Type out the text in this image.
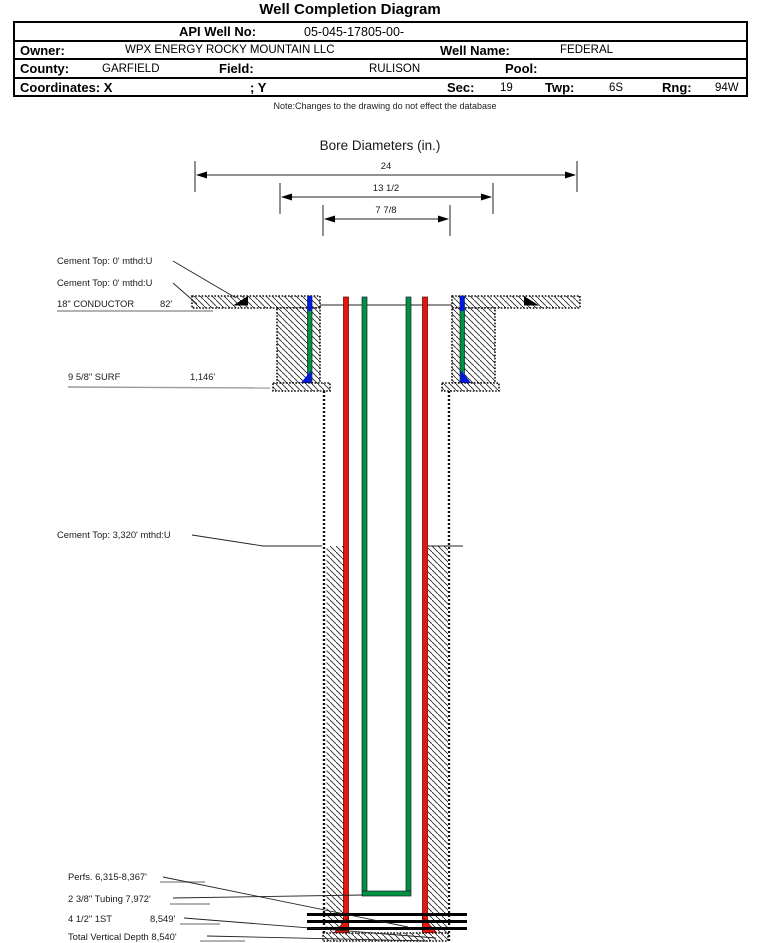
Well Completion Diagram
API Well No:	05-045-17805-00-
Owner:	WPX ENERGY ROCKY MOUNTAIN LLC	Well Name:	FEDERAL
County:	GARFIELD	Field:	RULISON	Pool:
Coordinates: X	; Y	Sec: 19 Twp:	6S	Rng: 94W
Note:Changes to the drawing do not effect the database
Bore Diameters (in.)
24
13 1/2
7 7/8
Cement Top: 0' mthd:U
Cement Top: 0' mthd:U
18" CONDUCTOR	82'
9 5/8" SURF	1,146'
Cement Top: 3,320' mthd:U
Perfs. 6,315-8,367'
2 3/8" Tubing 7,972'
4 1/2" 1ST	8,549'
Total Vertical Depth 8,540'
